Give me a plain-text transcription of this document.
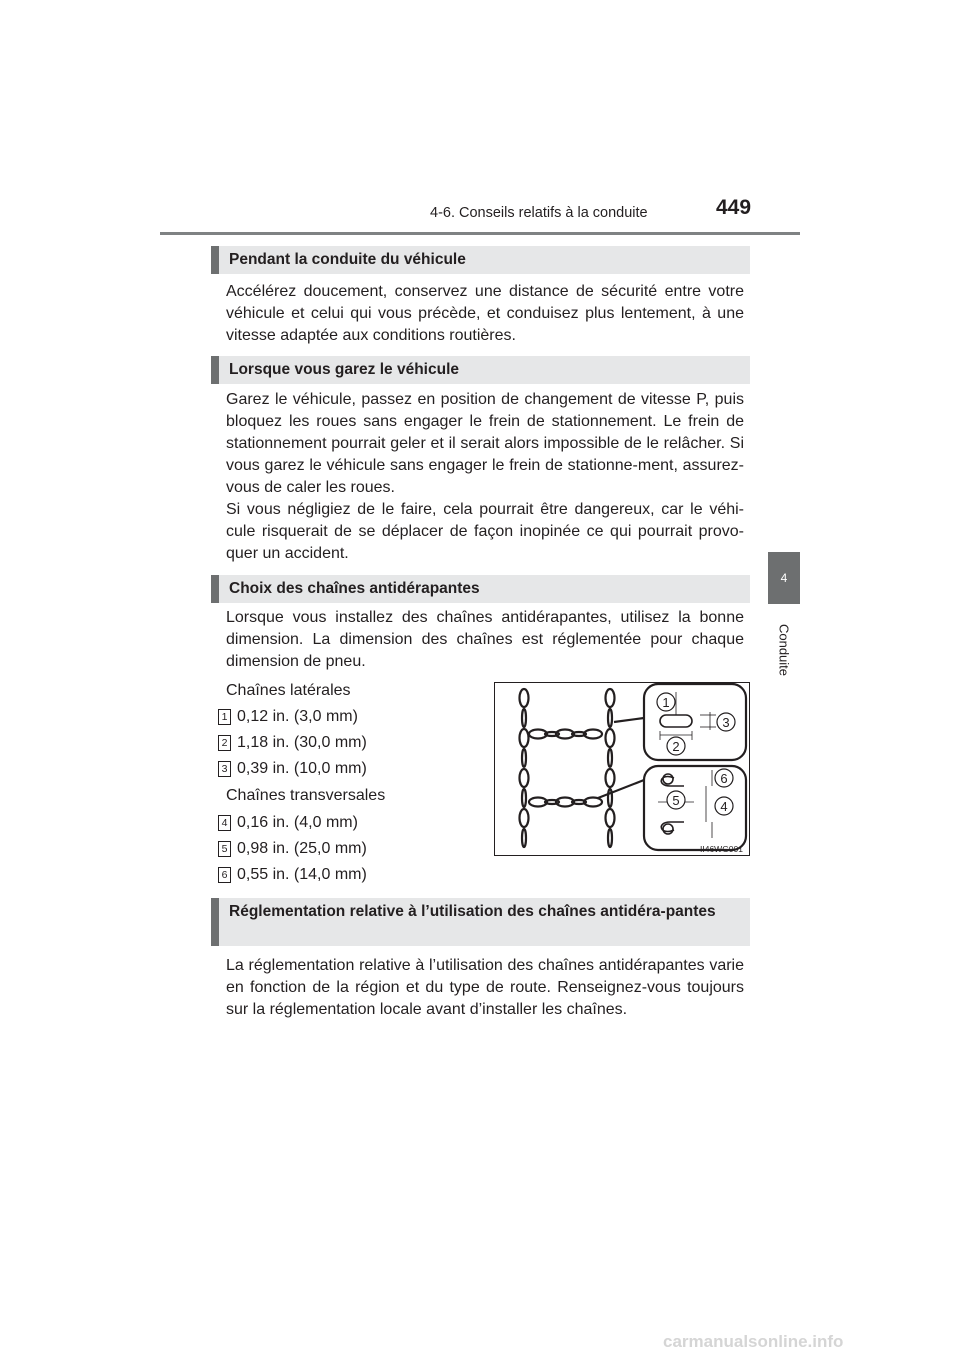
4-6. Conseils relatifs à la conduite	449
4
Conduite
Pendant la conduite du véhicule
Accélérez doucement, conservez une distance de sécurité entre votre véhicule et celui qui vous précède, et conduisez plus lentement, à une vitesse adaptée aux conditions routières.
Lorsque vous garez le véhicule
Garez le véhicule, passez en position de changement de vitesse P, puis bloquez les roues sans engager le frein de stationnement. Le frein de stationnement pourrait geler et il serait alors impossible de le relâcher. Si vous garez le véhicule sans engager le frein de stationne-ment, assurez-vous de caler les roues.
Si vous négligiez de le faire, cela pourrait être dangereux, car le véhi-cule risquerait de se déplacer de façon inopinée ce qui pourrait provo-quer un accident.
Choix des chaînes antidérapantes
Lorsque vous installez des chaînes antidérapantes, utilisez la bonne dimension. La dimension des chaînes est réglementée pour chaque dimension de pneu.
Chaînes latérales
1 0,12 in. (3,0 mm)
2 1,18 in. (30,0 mm)
3 0,39 in. (10,0 mm)
Chaînes transversales
4 0,16 in. (4,0 mm)
5 0,98 in. (25,0 mm)
6 0,55 in. (14,0 mm)
1
2
3
4
5
6
II46WG001
Réglementation relative à l’utilisation des chaînes antidéra-pantes
La réglementation relative à l’utilisation des chaînes antidérapantes varie en fonction de la région et du type de route. Renseignez-vous toujours sur la réglementation locale avant d’installer les chaînes.
carmanualsonline.info
